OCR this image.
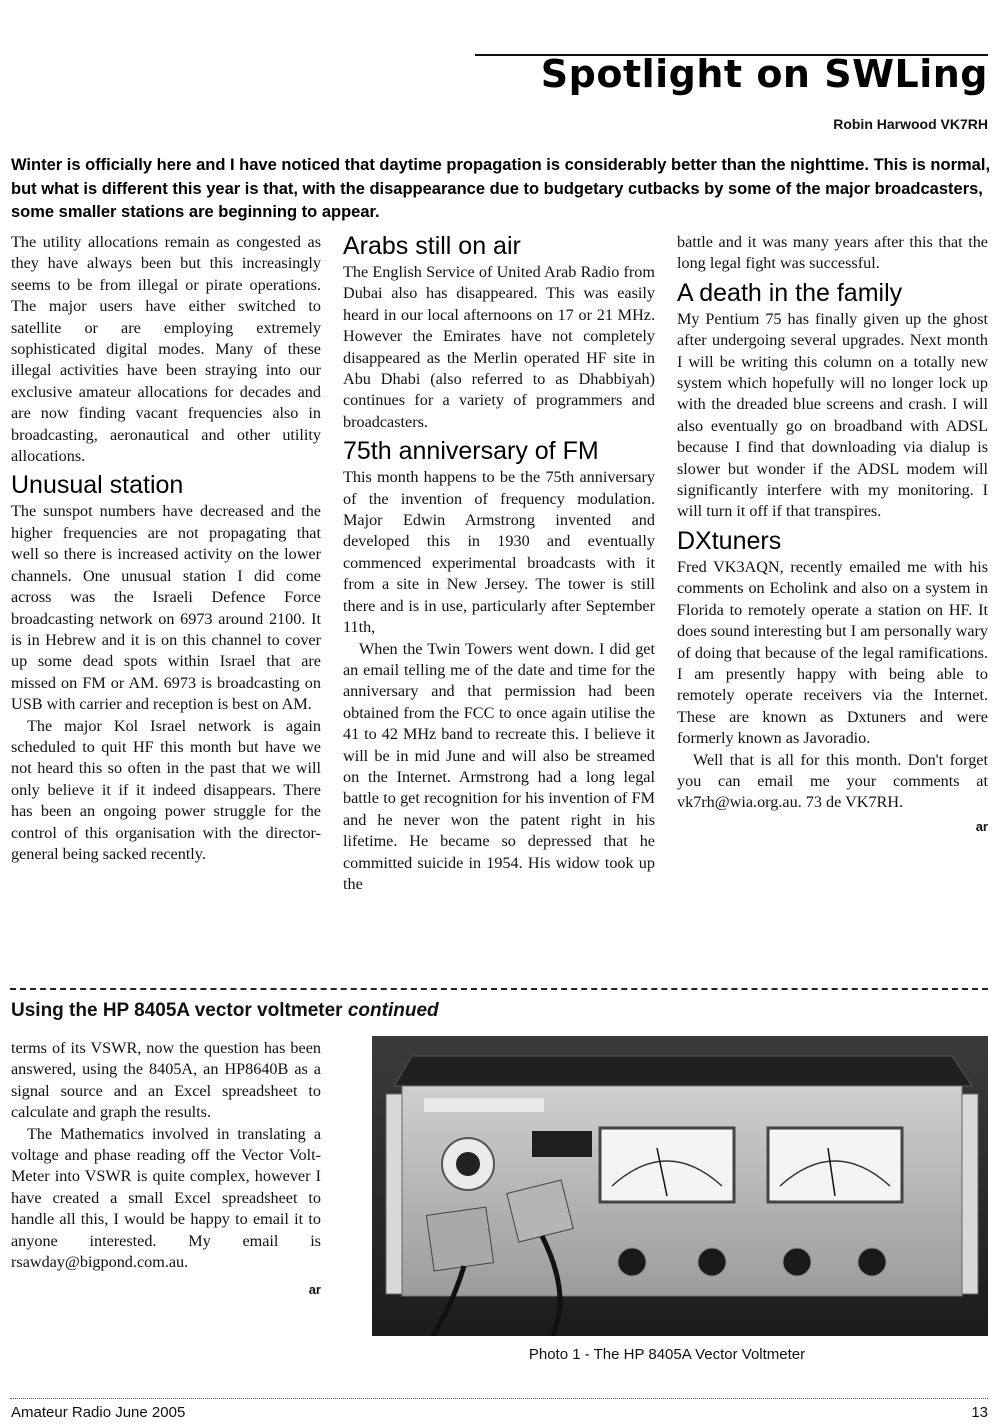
Spotlight on SWLing
Robin Harwood VK7RH
Winter is officially here and I have noticed that daytime propagation is considerably better than the nighttime. This is normal, but what is different this year is that, with the disappearance due to budgetary cutbacks by some of the major broadcasters, some smaller stations are beginning to appear.

The utility allocations remain as congested as they have always been but this increasingly seems to be from illegal or pirate operations. The major users have either switched to satellite or are employing extremely sophisticated digital modes. Many of these illegal activities have been straying into our exclusive amateur allocations for decades and are now finding vacant frequencies also in broadcasting, aeronautical and other utility allocations.

Unusual station

The sunspot numbers have decreased and the higher frequencies are not propagating that well so there is increased activity on the lower channels. One unusual station I did come across was the Israeli Defence Force broadcasting network on 6973 around 2100. It is in Hebrew and it is on this channel to cover up some dead spots within Israel that are missed on FM or AM. 6973 is broadcasting on USB with carrier and reception is best on AM.

The major Kol Israel network is again scheduled to quit HF this month but have we not heard this so often in the past that we will only believe it if it indeed disappears. There has been an ongoing power struggle for the control of this organisation with the director-general being sacked recently.

Arabs still on air

The English Service of United Arab Radio from Dubai also has disappeared. This was easily heard in our local afternoons on 17 or 21 MHz. However the Emirates have not completely disappeared as the Merlin operated HF site in Abu Dhabi (also referred to as Dhabbiyah) continues for a variety of programmers and broadcasters.

75th anniversary of FM

This month happens to be the 75th anniversary of the invention of frequency modulation. Major Edwin Armstrong invented and developed this in 1930 and eventually commenced experimental broadcasts with it from a site in New Jersey. The tower is still there and is in use, particularly after September 11th,

When the Twin Towers went down. I did get an email telling me of the date and time for the anniversary and that permission had been obtained from the FCC to once again utilise the 41 to 42 MHz band to recreate this. I believe it will be in mid June and will also be streamed on the Internet. Armstrong had a long legal battle to get recognition for his invention of FM and he never won the patent right in his lifetime. He became so depressed that he committed suicide in 1954. His widow took up the

battle and it was many years after this that the long legal fight was successful.

A death in the family

My Pentium 75 has finally given up the ghost after undergoing several upgrades. Next month I will be writing this column on a totally new system which hopefully will no longer lock up with the dreaded blue screens and crash. I will also eventually go on broadband with ADSL because I find that downloading via dialup is slower but wonder if the ADSL modem will significantly interfere with my monitoring. I will turn it off if that transpires.

DXtuners

Fred VK3AQN, recently emailed me with his comments on Echolink and also on a system in Florida to remotely operate a station on HF. It does sound interesting but I am personally wary of doing that because of the legal ramifications. I am presently happy with being able to remotely operate receivers via the Internet. These are known as Dxtuners and were formerly known as Javoradio.

Well that is all for this month. Don't forget you can email me your comments at vk7rh@wia.org.au. 73 de VK7RH.

ar
Using the HP 8405A vector voltmeter continued

terms of its VSWR, now the question has been answered, using the 8405A, an HP8640B as a signal source and an Excel spreadsheet to calculate and graph the results.

The Mathematics involved in translating a voltage and phase reading off the Vector Volt-Meter into VSWR is quite complex, however I have created a small Excel spreadsheet to handle all this, I would be happy to email it to anyone interested. My email is rsawday@bigpond.com.au.

ar
Photo 1 - The HP 8405A Vector Voltmeter
Amateur Radio June 2005	13
